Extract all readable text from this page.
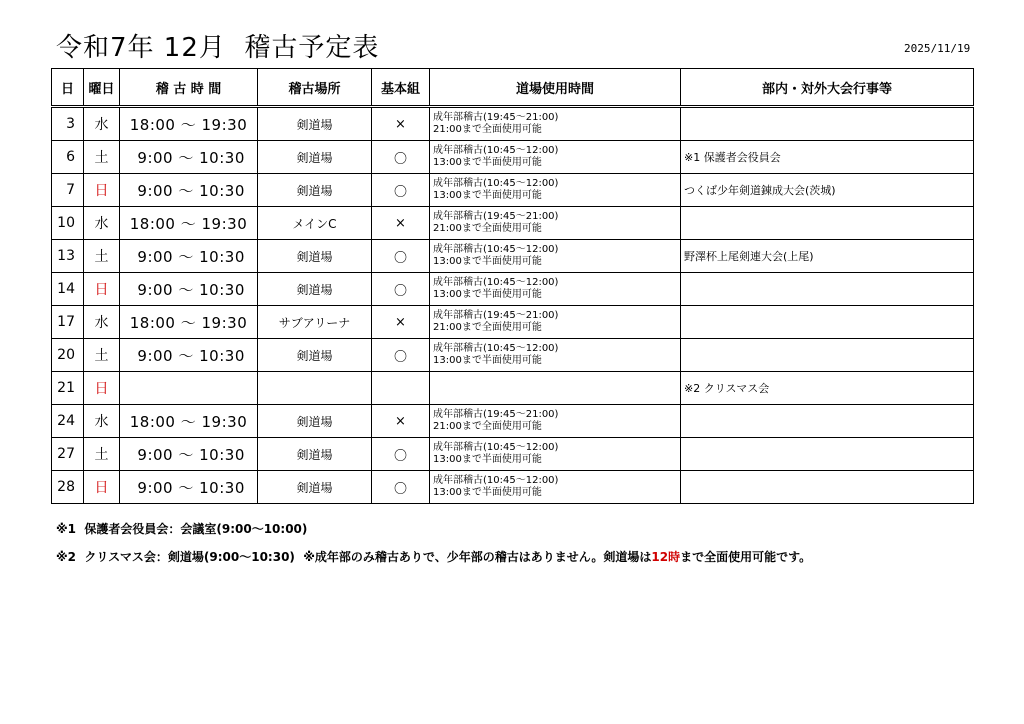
令和7年 12月  稽古予定表	2025/11/19
日	曜日	稽 古 時 間	稽古場所	基本組	道場使用時間	部内・対外大会行事等
3	水	18:00 ～ 19:30	剣道場	×	成年部稽古(19:45～21:00)
21:00まで全面使用可能	

6	土	9:00 ～ 10:30	剣道場	〇	成年部稽古(10:45～12:00)
13:00まで半面使用可能	※1 保護者会役員会
7	日	9:00 ～ 10:30	剣道場	〇	成年部稽古(10:45～12:00)
13:00まで半面使用可能	つくば少年剣道錬成大会(茨城)
10	水	18:00 ～ 19:30	メインC	×	成年部稽古(19:45～21:00)
21:00まで全面使用可能	

13	土	9:00 ～ 10:30	剣道場	〇	成年部稽古(10:45～12:00)
13:00まで半面使用可能	野澤杯上尾剣連大会(上尾)
14	日	9:00 ～ 10:30	剣道場	〇	成年部稽古(10:45～12:00)
13:00まで半面使用可能	

17	水	18:00 ～ 19:30	サブアリーナ	×	成年部稽古(19:45～21:00)
21:00まで全面使用可能	

20	土	9:00 ～ 10:30	剣道場	〇	成年部稽古(10:45～12:00)
13:00まで半面使用可能	

21	日					※2 クリスマス会
24	水	18:00 ～ 19:30	剣道場	×	成年部稽古(19:45～21:00)
21:00まで全面使用可能	

27	土	9:00 ～ 10:30	剣道場	〇	成年部稽古(10:45～12:00)
13:00まで半面使用可能	

28	日	9:00 ～ 10:30	剣道場	〇	成年部稽古(10:45～12:00)
13:00まで半面使用可能	

※1  保護者会役員会：会議室(9:00～10:00)
※2  クリスマス会：剣道場(9:00～10:30)  ※成年部のみ稽古ありで、少年部の稽古はありません。剣道場は12時まで全面使用可能です。
